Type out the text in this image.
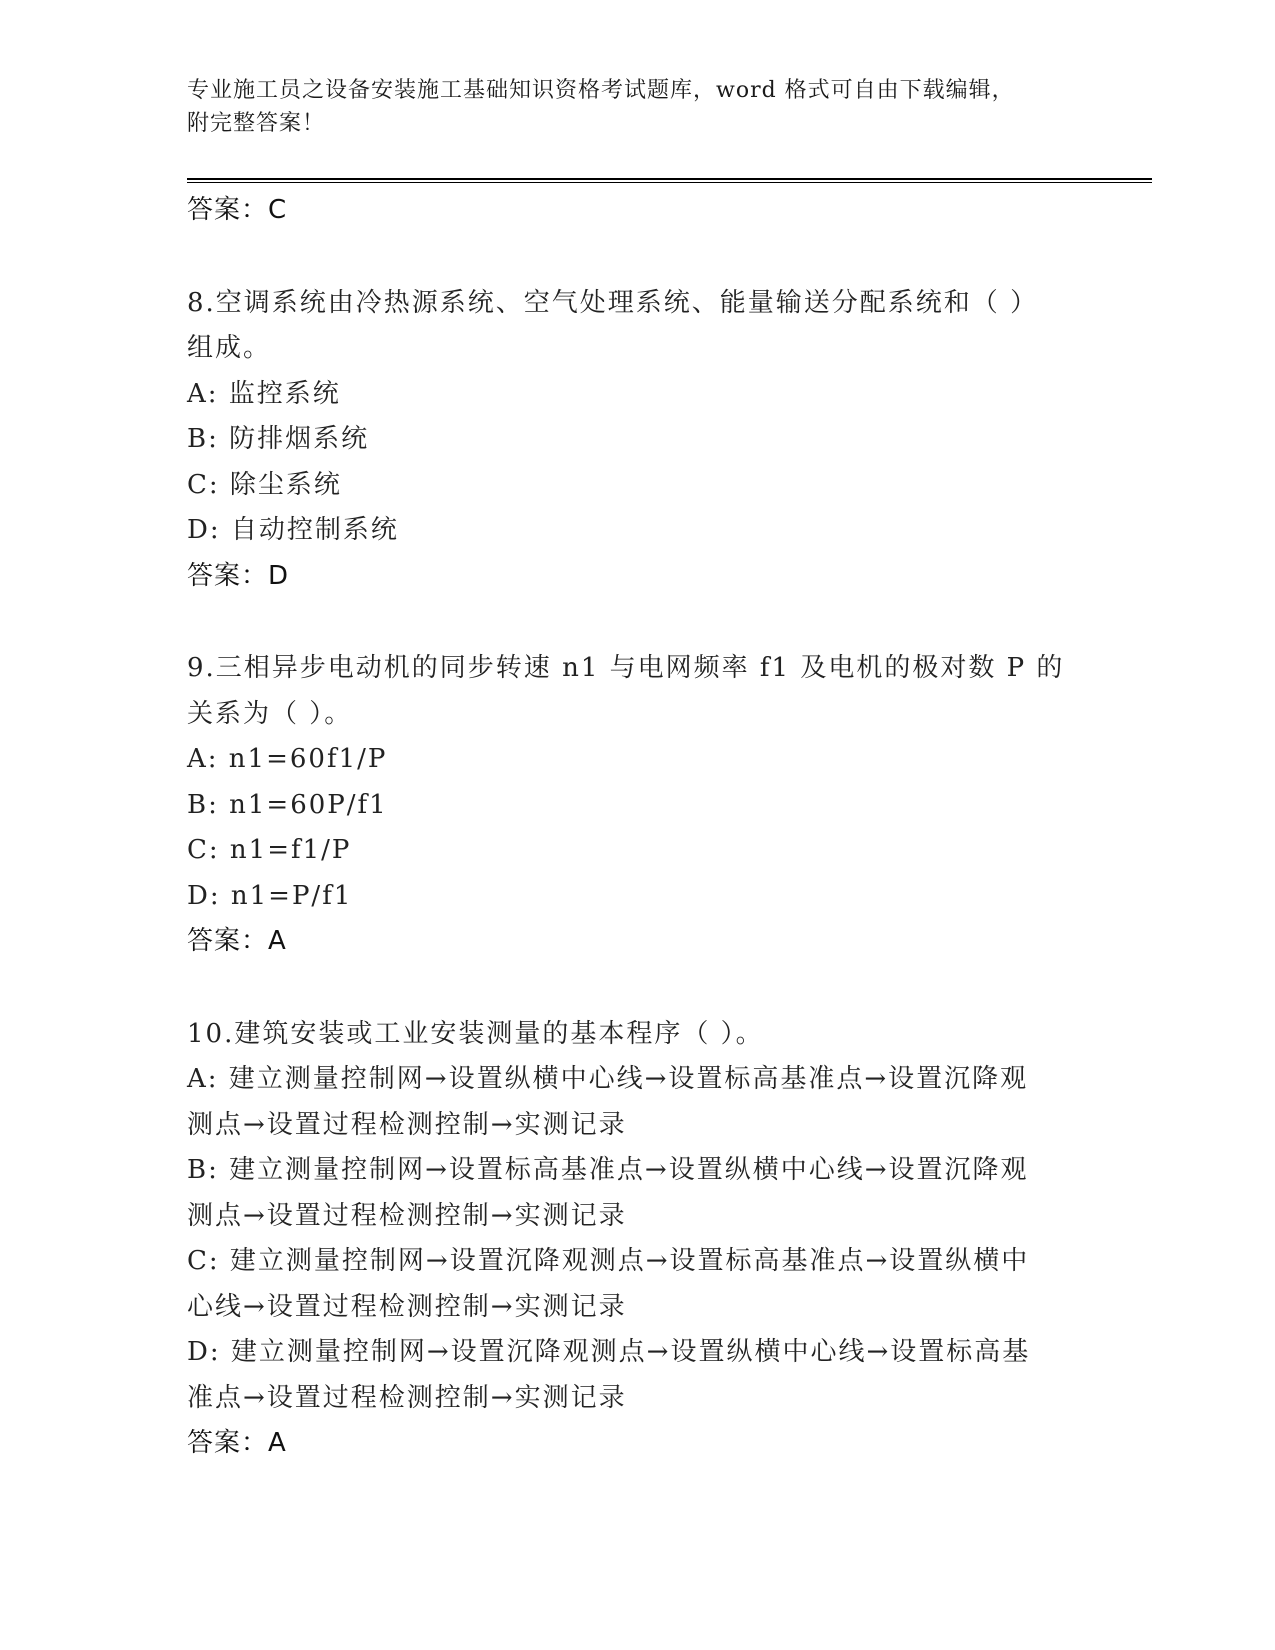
专业施工员之设备安装施工基础知识资格考试题库，word 格式可自由下载编辑，
附完整答案！
答案：C
8.空调系统由冷热源系统、空气处理系统、能量输送分配系统和（ ）
组成。
A: 监控系统
B: 防排烟系统
C: 除尘系统
D: 自动控制系统
答案：D
9.三相异步电动机的同步转速 n1 与电网频率 f1 及电机的极对数 P 的
关系为（ ）。
A: n1=60f1/P
B: n1=60P/f1
C: n1=f1/P
D: n1=P/f1
答案：A
10.建筑安装或工业安装测量的基本程序（ ）。
A: 建立测量控制网→设置纵横中心线→设置标高基准点→设置沉降观
测点→设置过程检测控制→实测记录
B: 建立测量控制网→设置标高基准点→设置纵横中心线→设置沉降观
测点→设置过程检测控制→实测记录
C: 建立测量控制网→设置沉降观测点→设置标高基准点→设置纵横中
心线→设置过程检测控制→实测记录
D: 建立测量控制网→设置沉降观测点→设置纵横中心线→设置标高基
准点→设置过程检测控制→实测记录
答案：A
